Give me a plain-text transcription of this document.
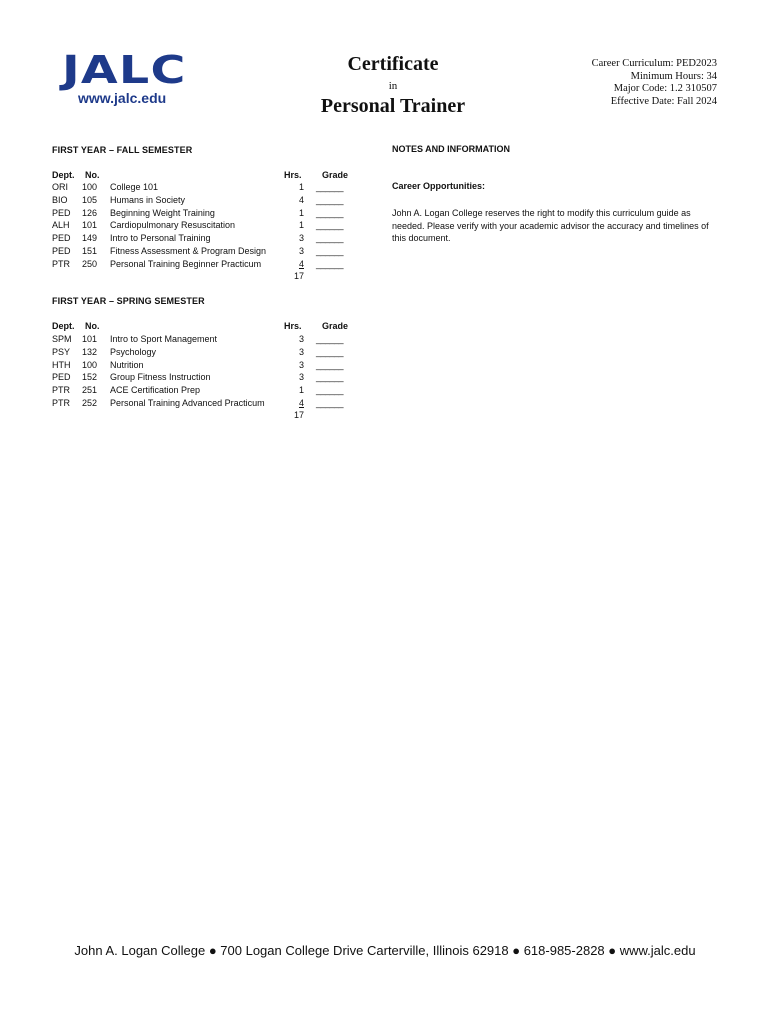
JALC
www.jalc.edu
Certificate
in
Personal Trainer
Career Curriculum: PED2023
Minimum Hours: 34
Major Code: 1.2 310507
Effective Date: Fall 2024
FIRST YEAR – FALL SEMESTER
Dept. No.	Hrs. Grade
ORI 100 College 101	1 ______
BIO 105 Humans in Society	4 ______
PED 126 Beginning Weight Training	1 ______
ALH 101 Cardiopulmonary Resuscitation	1 ______
PED 149 Intro to Personal Training	3 ______
PED 151 Fitness Assessment & Program Design	3 ______
PTR 250 Personal Training Beginner Practicum	4 ______
17
FIRST YEAR – SPRING SEMESTER
Dept. No.	Hrs. Grade
SPM 101 Intro to Sport Management	3 ______
PSY 132 Psychology	3 ______
HTH 100 Nutrition	3 ______
PED 152 Group Fitness Instruction	3 ______
PTR 251 ACE Certification Prep	1 ______
PTR 252 Personal Training Advanced Practicum	4 ______
17
NOTES AND INFORMATION
Career Opportunities:
John A. Logan College reserves the right to modify this curriculum guide as needed. Please verify with your academic advisor the accuracy and timelines of this document.
John A. Logan College ● 700 Logan College Drive Carterville, Illinois 62918 ● 618-985-2828 ● www.jalc.edu
